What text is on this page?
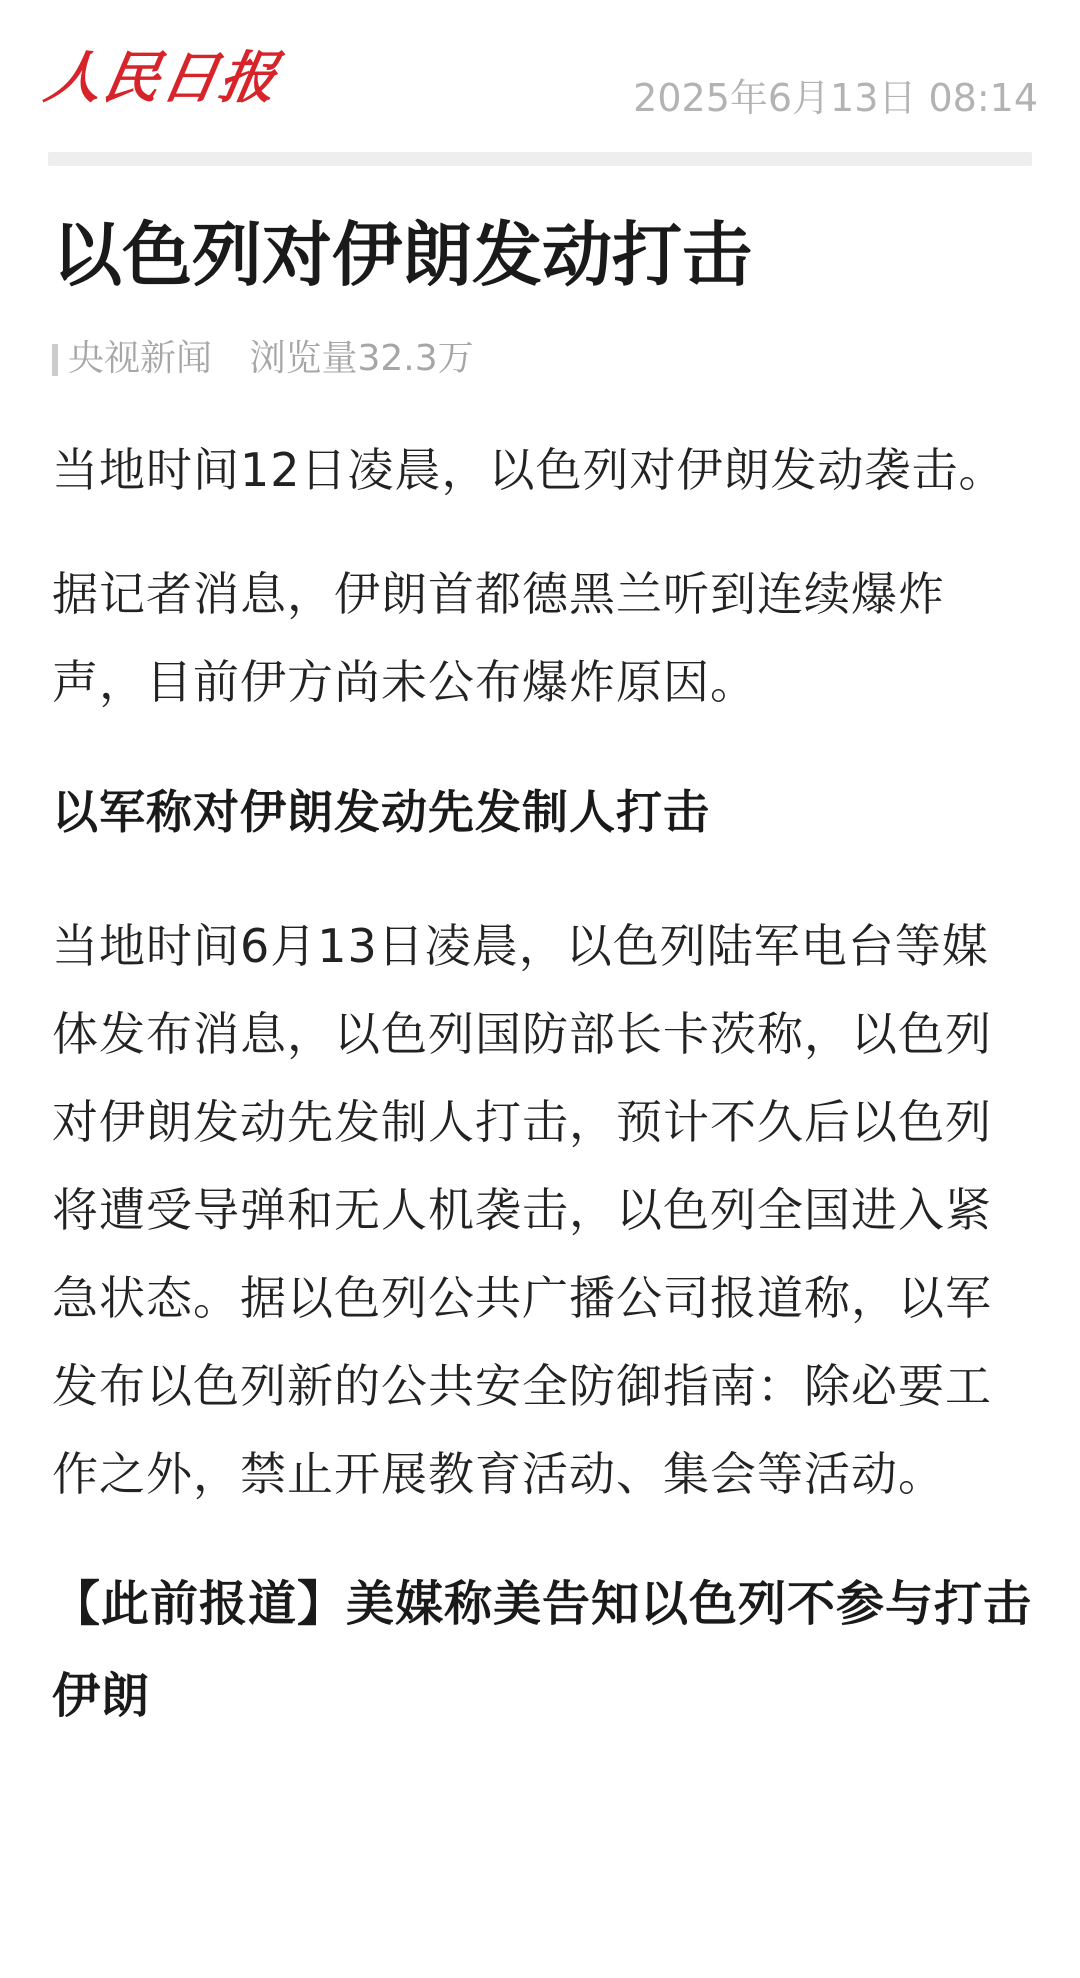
人民日报	2025年6月13日 08:14
以色列对伊朗发动打击
央视新闻 浏览量32.3万

当地时间12日凌晨，以色列对伊朗发动袭击。

据记者消息，伊朗首都德黑兰听到连续爆炸声，目前伊方尚未公布爆炸原因。

以军称对伊朗发动先发制人打击

当地时间6月13日凌晨，以色列陆军电台等媒体发布消息，以色列国防部长卡茨称，以色列对伊朗发动先发制人打击，预计不久后以色列将遭受导弹和无人机袭击，以色列全国进入紧急状态。据以色列公共广播公司报道称，以军发布以色列新的公共安全防御指南：除必要工作之外，禁止开展教育活动、集会等活动。

【此前报道】美媒称美告知以色列不参与打击伊朗
